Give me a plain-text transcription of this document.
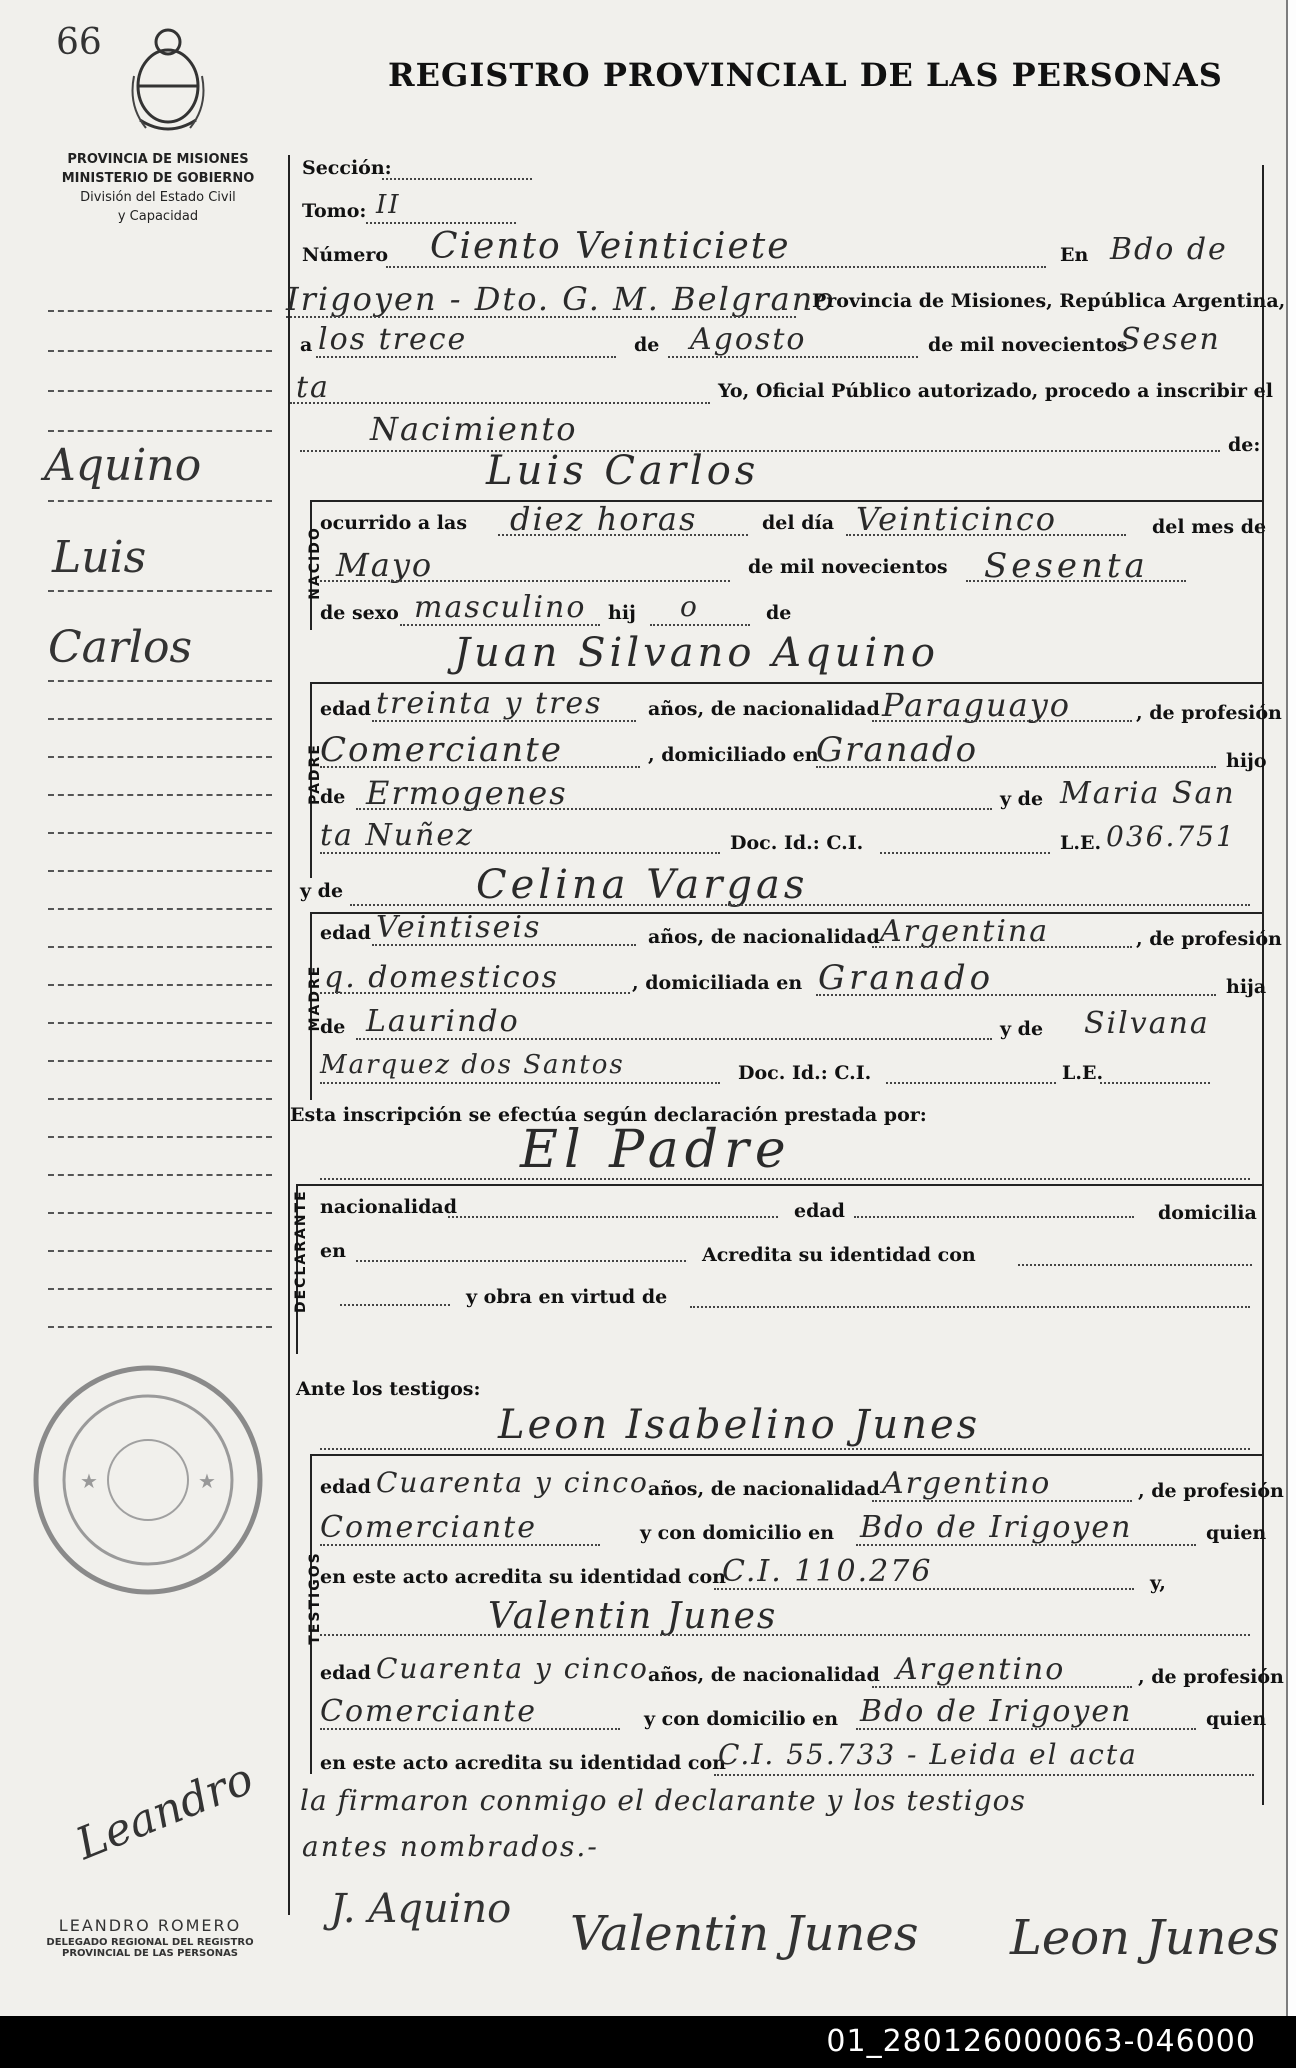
66
REGISTRO PROVINCIAL DE LAS PERSONAS
PROVINCIA DE MISIONES
MINISTERIO DE GOBIERNO
División del Estado Civil
y Capacidad
Aquino
Luis
Carlos
Sección:
Tomo: II
Número Ciento Veinticiete	En Bdo de
Irigoyen - Dto. G. M. Belgrano
Provincia de Misiones, República Argentina,
a los trece	de Agosto	de mil novecientos
Sesen
ta	Yo, Oficial Público autorizado, procedo a inscribir el
Nacimiento	de:
NACIDO
Luis Carlos
ocurrido a las diez horas	del día Veinticinco	del mes de
Mayo	de mil novecientos Sesenta
de sexo masculino hij o	de
PADRE
Juan Silvano Aquino
edad treinta y tres años, de nacionalidad Paraguayo	, de profesión
Comerciante	, domiciliado en
Granado	hijo
de Ermogenes	y de Maria San
ta Nuñez	Doc. Id.: C.I.	L.E. 036.751
y de	Celina Vargas
MADRE
edad Veintiseis	años, de nacionalidad Argentina	, de profesión
q. domesticos	, domiciliada en Granado	hija
de Laurindo	y de Silvana
Marquez dos Santos	Doc. Id.: C.I.	L.E.
Esta inscripción se efectúa según declaración prestada por:
El Padre
DECLARANTE nacionalidad	edad	domicilia
en	Acredita su identidad con
y obra en virtud de
Ante los testigos:
Leon Isabelino Junes
TESTIGOS
edad Cuarenta y cinco años, de nacionalidad Argentino	, de profesión
Comerciante	y con domicilio en Bdo de Irigoyen	quien
en este acto acredita su identidad con
C.I. 110.276	y,
Valentin Junes
edad Cuarenta y cinco años, de nacionalidad Argentino	, de profesión
Comerciante	y con domicilio en Bdo de Irigoyen	quien
en este acto acredita su identidad con
C.I. 55.733 - Leida el acta
la firmaron conmigo el declarante y los testigos
antes nombrados.-
★	★
Leandro
LEANDRO ROMERO
DELEGADO REGIONAL DEL REGISTRO
PROVINCIAL DE LAS PERSONAS
J. Aquino Valentin Junes Leon Junes
01_280126000063-046000
